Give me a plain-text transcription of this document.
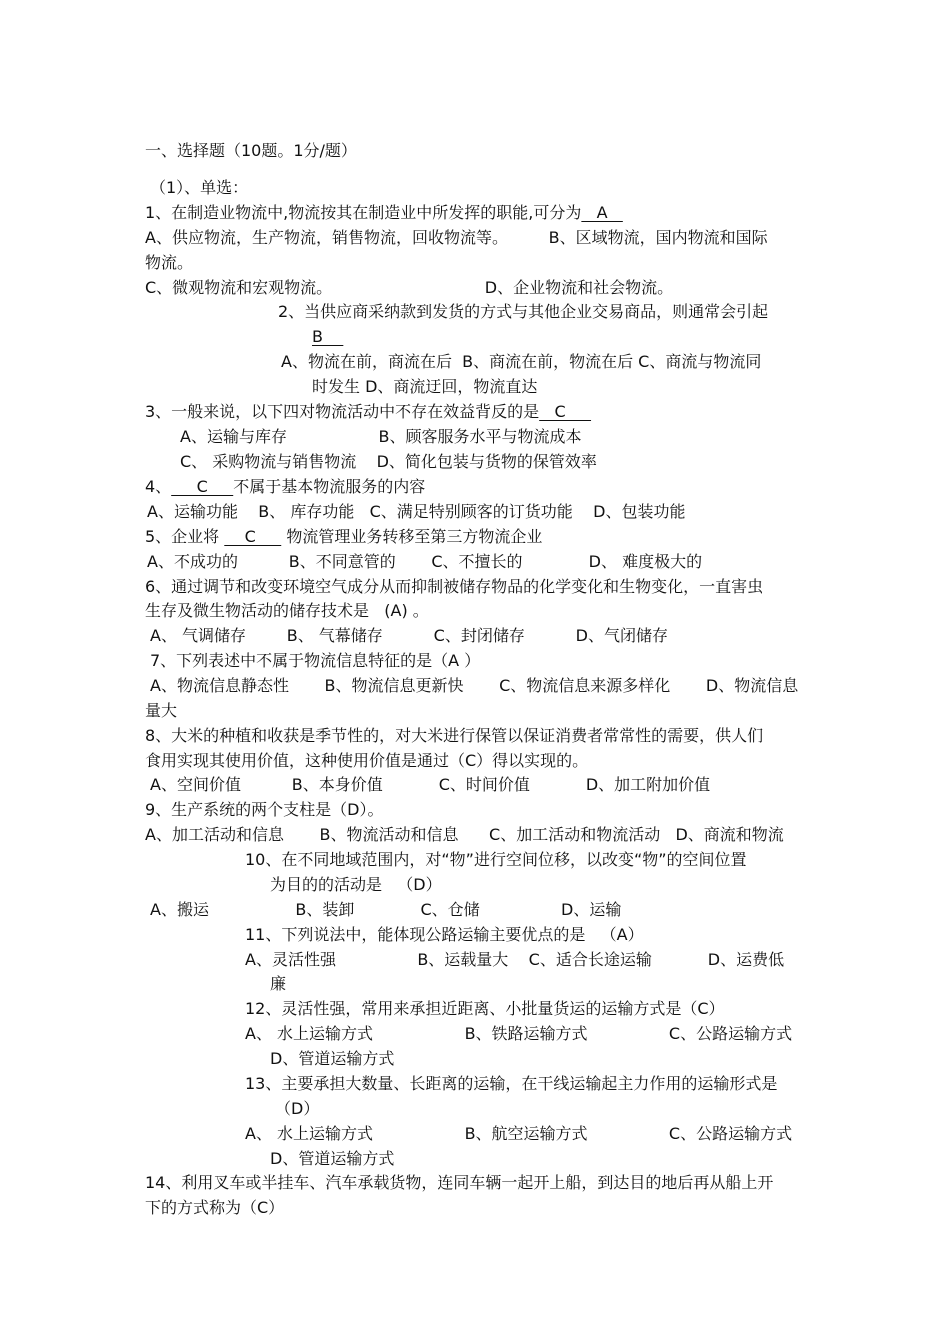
一、选择题（10题。1分/题）
（1）、单选：
1、在制造业物流中,物流按其在制造业中所发挥的职能,可分为   A
A、供应物流，生产物流，销售物流，回收物流等。        B、区域物流，国内物流和国际
物流。
C、微观物流和宏观物流。                              D、企业物流和社会物流。
2、当供应商采纳款到发货的方式与其他企业交易商品，则通常会引起
B
A、物流在前，商流在后  B、商流在前，物流在后 C、商流与物流同
时发生 D、商流迂回，物流直达
3、一般来说，以下四对物流活动中不存在效益背反的是   C
A、运输与库存                  B、顾客服务水平与物流成本
C、 采购物流与销售物流    D、简化包装与货物的保管效率
4、     C     不属于基本物流服务的内容
A、运输功能    B、 库存功能   C、满足特别顾客的订货功能    D、包装功能
5、企业将     C      物流管理业务转移至第三方物流企业
A、不成功的          B、不同意管的       C、不擅长的             D、 难度极大的
6、通过调节和改变环境空气成分从而抑制被储存物品的化学变化和生物变化，一直害虫
生存及微生物活动的储存技术是   (A) 。
A、 气调储存        B、 气幕储存          C、封闭储存          D、气闭储存
7、下列表述中不属于物流信息特征的是（A ）
A、物流信息静态性       B、物流信息更新快       C、物流信息来源多样化       D、物流信息
量大
8、大米的种植和收获是季节性的，对大米进行保管以保证消费者常常性的需要，供人们
食用实现其使用价值，这种使用价值是通过（C）得以实现的。
A、空间价值          B、本身价值           C、时间价值           D、加工附加价值
9、生产系统的两个支柱是（D）。
A、加工活动和信息       B、物流活动和信息      C、加工活动和物流活动   D、商流和物流
10、在不同地域范围内，对“物”进行空间位移，以改变“物”的空间位置
为目的的活动是   （D）
A、搬运                 B、装卸             C、仓储                D、运输
11、下列说法中，能体现公路运输主要优点的是   （A）
A、灵活性强                B、运载量大    C、适合长途运输           D、运费低
廉
12、灵活性强，常用来承担近距离、小批量货运的运输方式是（C）
A、 水上运输方式                  B、铁路运输方式                C、公路运输方式
D、管道运输方式
13、主要承担大数量、长距离的运输，在干线运输起主力作用的运输形式是
（D）
A、 水上运输方式                  B、航空运输方式                C、公路运输方式
D、管道运输方式
14、利用叉车或半挂车、汽车承载货物，连同车辆一起开上船，到达目的地后再从船上开
下的方式称为（C）
